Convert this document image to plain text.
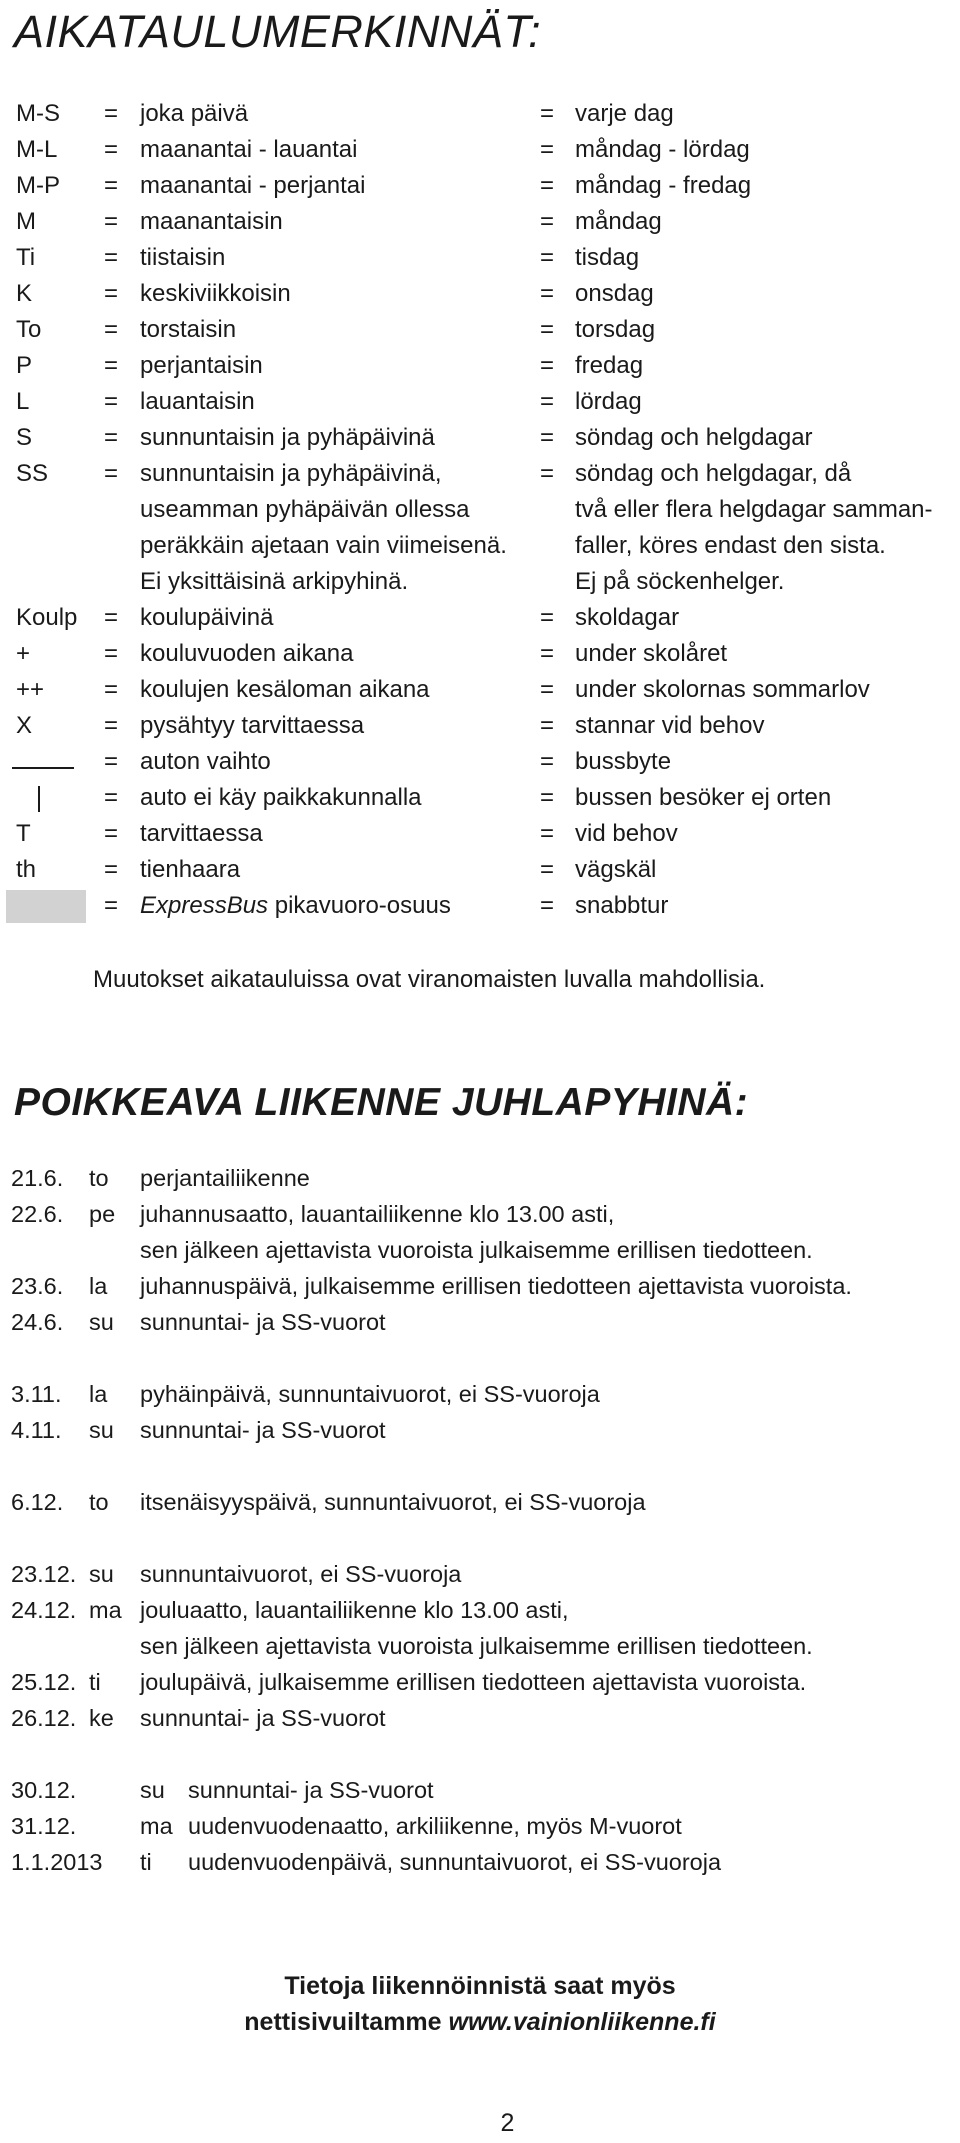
AIKATAULUMERKINNÄT:
M-S = joka päivä	= varje dag
M-L = maanantai - lauantai	= måndag - lördag
M-P = maanantai - perjantai	= måndag - fredag
M	= maanantaisin	= måndag
Ti	= tiistaisin	= tisdag
K	= keskiviikkoisin	= onsdag
To	= torstaisin	= torsdag
P	= perjantaisin	= fredag
L	= lauantaisin	= lördag
S	= sunnuntaisin ja pyhäpäivinä	= söndag och helgdagar
SS = sunnuntaisin ja pyhäpäivinä,	= söndag och helgdagar, då
useamman pyhäpäivän ollessa	två eller flera helgdagar samman-
peräkkäin ajetaan vain viimeisenä.	faller, köres endast den sista.
Ei yksittäisinä arkipyhinä.	Ej på söckenhelger.
Koulp = koulupäivinä	= skoldagar
+	= kouluvuoden aikana	= under skolåret
++ = koulujen kesäloman aikana	= under skolornas sommarlov
X	= pysähtyy tarvittaessa	= stannar vid behov
= auton vaihto	= bussbyte
= auto ei käy paikkakunnalla	= bussen besöker ej orten
T	= tarvittaessa	= vid behov
th	= tienhaara	= vägskäl
= ExpressBus pikavuoro-osuus	= snabbtur
Muutokset aikatauluissa ovat viranomaisten luvalla mahdollisia.
POIKKEAVA LIIKENNE JUHLAPYHINÄ:
21.6. to perjantailiikenne
22.6. pe juhannusaatto, lauantailiikenne klo 13.00 asti,
sen jälkeen ajettavista vuoroista julkaisemme erillisen tiedotteen.
23.6. la juhannuspäivä, julkaisemme erillisen tiedotteen ajettavista vuoroista.
24.6. su sunnuntai- ja SS-vuorot
3.11. la pyhäinpäivä, sunnuntaivuorot, ei SS-vuoroja
4.11. su sunnuntai- ja SS-vuorot
6.12. to itsenäisyyspäivä, sunnuntaivuorot, ei SS-vuoroja
23.12. su sunnuntaivuorot, ei SS-vuoroja
24.12. ma jouluaatto, lauantailiikenne klo 13.00 asti,
sen jälkeen ajettavista vuoroista julkaisemme erillisen tiedotteen.
25.12. ti joulupäivä, julkaisemme erillisen tiedotteen ajettavista vuoroista.
26.12. ke sunnuntai- ja SS-vuorot
30.12.	su sunnuntai- ja SS-vuorot
31.12.	ma uudenvuodenaatto, arkiliikenne, myös M-vuorot
1.1.2013 ti uudenvuodenpäivä, sunnuntaivuorot, ei SS-vuoroja
Tietoja liikennöinnistä saat myös
nettisivuiltamme www.vainionliikenne.fi
2
